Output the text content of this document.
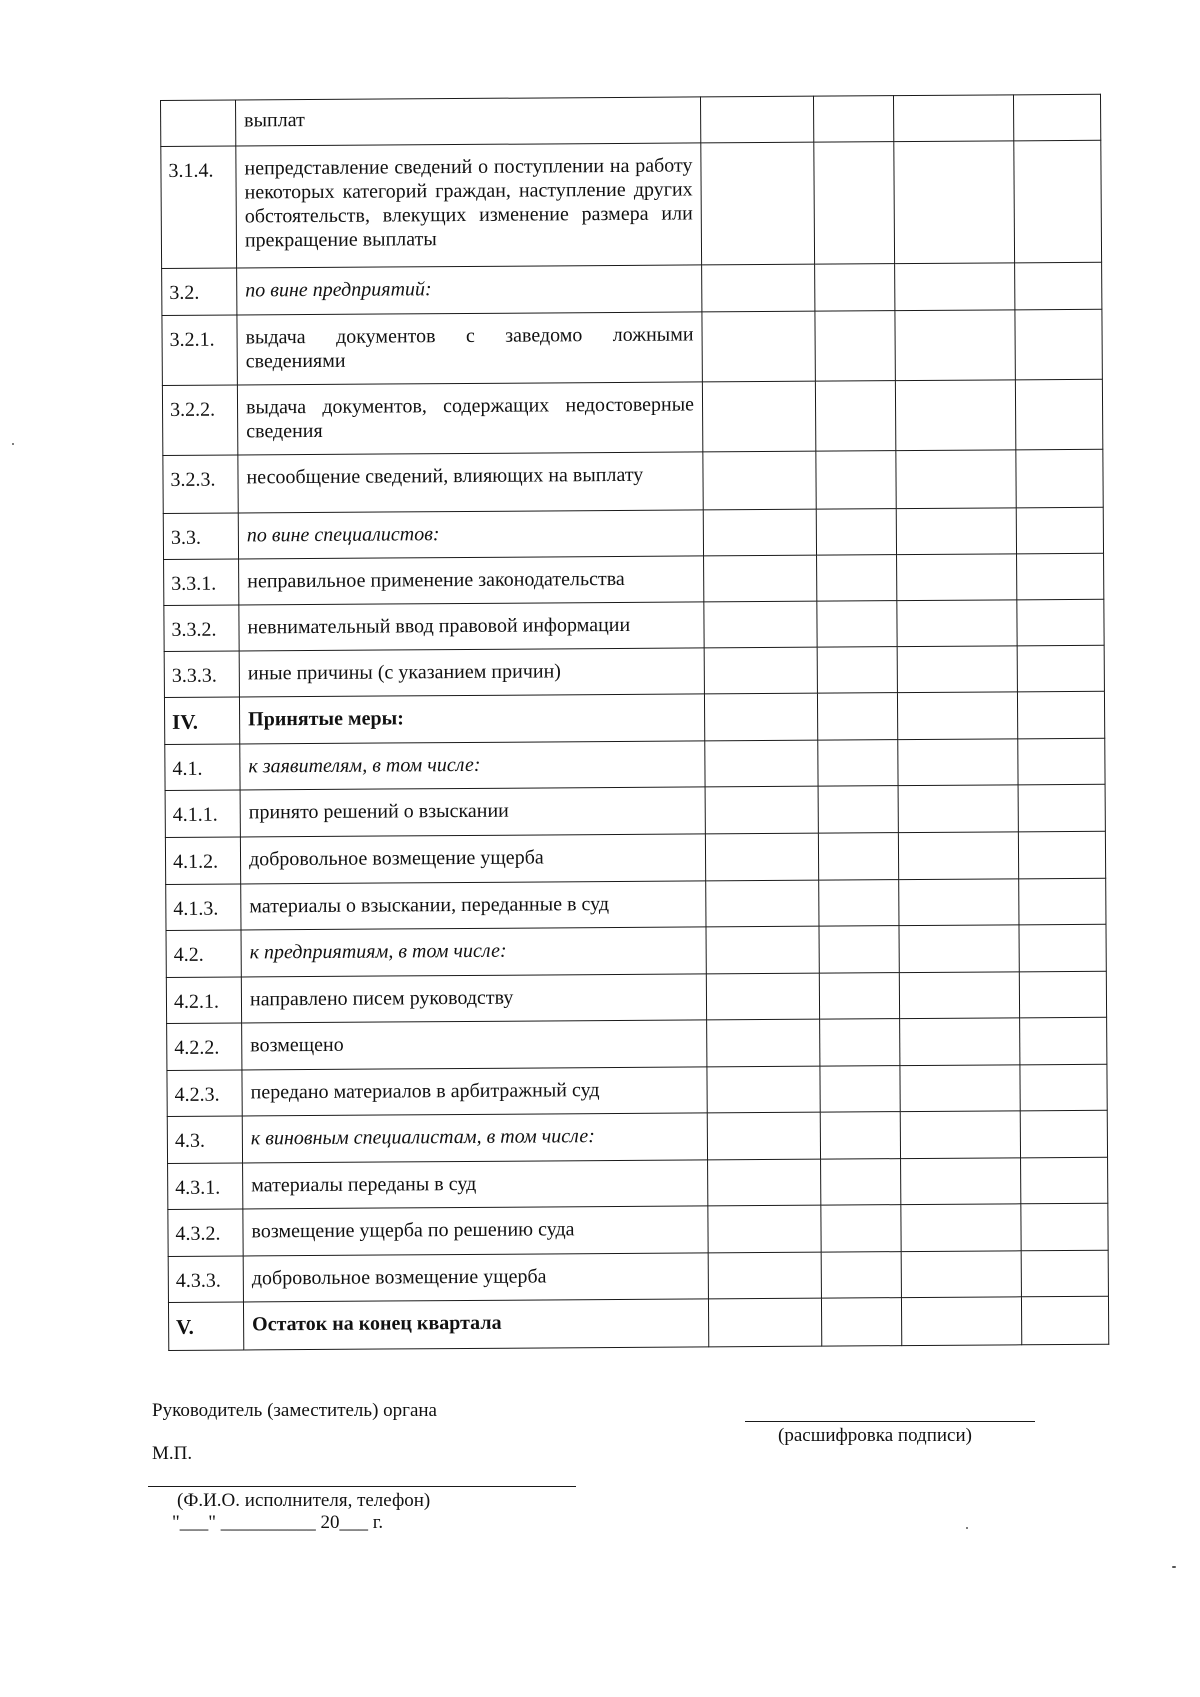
	выплат				
3.1.4.	непредставление сведений о поступлении на работу некоторых категорий граждан, наступление других обстоятельств, влекущих изменение размера или прекращение выплаты				
3.2.	по вине предприятий:				
3.2.1.	выдача документов с заведомо ложными сведениями				
3.2.2.	выдача документов, содержащих недостоверные сведения				
3.2.3.	несообщение сведений, влияющих на выплату				
3.3.	по вине специалистов:				
3.3.1.	неправильное применение законодательства				
3.3.2.	невнимательный ввод правовой информации				
3.3.3.	иные причины (с указанием причин)				
IV.	Принятые меры:				
4.1.	к заявителям, в том числе:				
4.1.1.	принято решений о взыскании				
4.1.2.	добровольное возмещение ущерба				
4.1.3.	материалы о взыскании, переданные в суд				
4.2.	к предприятиям, в том числе:				
4.2.1.	направлено писем руководству				
4.2.2.	возмещено				
4.2.3.	передано материалов в арбитражный суд				
4.3.	к виновным специалистам, в том числе:				
4.3.1.	материалы переданы в суд				
4.3.2.	возмещение ущерба по решению суда				
4.3.3.	добровольное возмещение ущерба				
V.	Остаток на конец квартала				
Руководитель (заместитель) органа
(расшифровка подписи)
М.П.
(Ф.И.О. исполнителя, телефон)
"___" __________ 20___ г.
